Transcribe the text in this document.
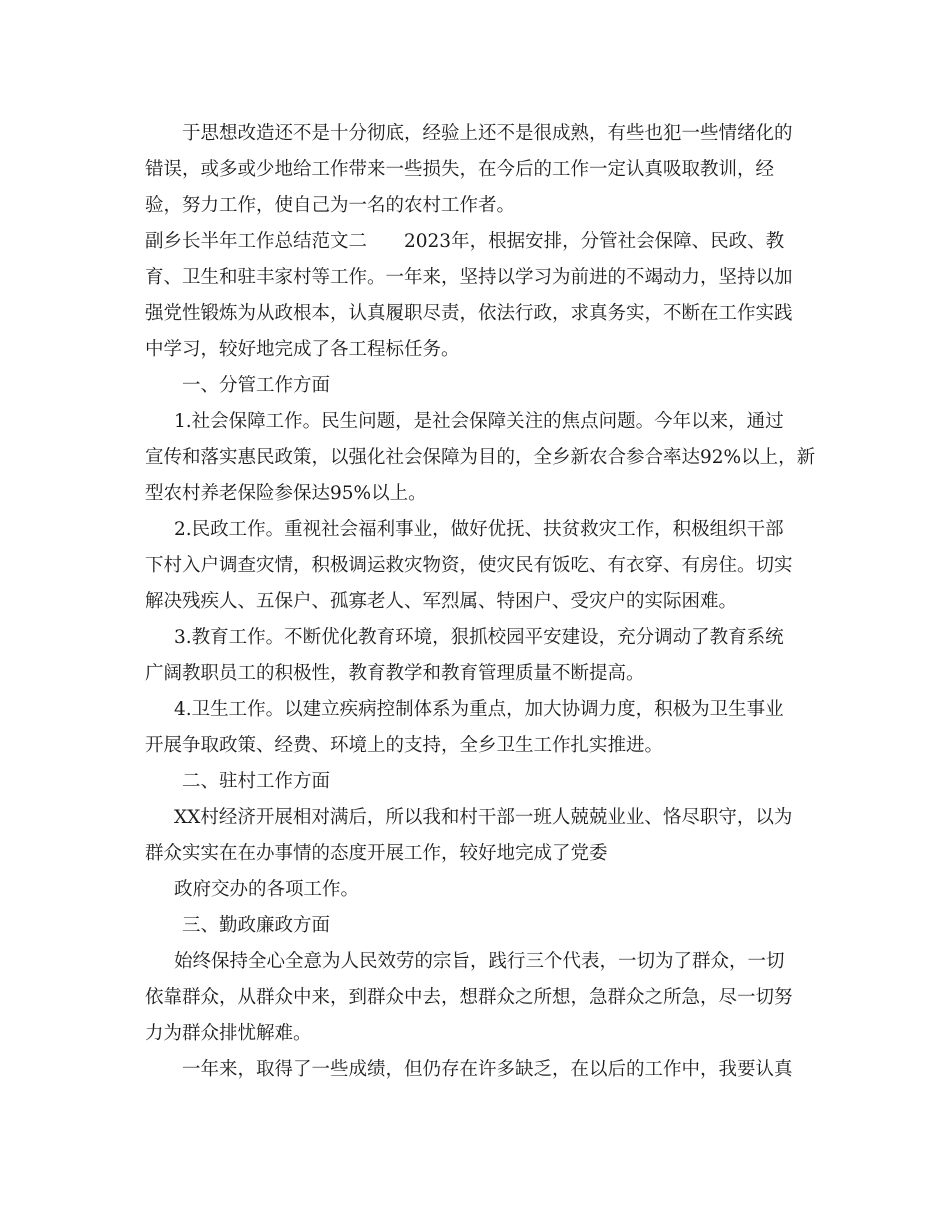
于思想改造还不是十分彻底，经验上还不是很成熟，有些也犯一些情绪化的
错误，或多或少地给工作带来一些损失，在今后的工作一定认真吸取教训，经
验，努力工作，使自己为一名的农村工作者。
副乡长半年工作总结范文二　　2023年，根据安排，分管社会保障、民政、教
育、卫生和驻丰家村等工作。一年来，坚持以学习为前进的不竭动力，坚持以加
强党性锻炼为从政根本，认真履职尽责，依法行政，求真务实，不断在工作实践
中学习，较好地完成了各工程标任务。
一、分管工作方面
1.社会保障工作。民生问题，是社会保障关注的焦点问题。今年以来，通过
宣传和落实惠民政策，以强化社会保障为目的，全乡新农合参合率达92%以上，新
型农村养老保险参保达95%以上。
2.民政工作。重视社会福利事业，做好优抚、扶贫救灾工作，积极组织干部
下村入户调查灾情，积极调运救灾物资，使灾民有饭吃、有衣穿、有房住。切实
解决残疾人、五保户、孤寡老人、军烈属、特困户、受灾户的实际困难。
3.教育工作。不断优化教育环境，狠抓校园平安建设，充分调动了教育系统
广阔教职员工的积极性，教育教学和教育管理质量不断提高。
4.卫生工作。以建立疾病控制体系为重点，加大协调力度，积极为卫生事业
开展争取政策、经费、环境上的支持，全乡卫生工作扎实推进。
二、驻村工作方面
XX村经济开展相对满后，所以我和村干部一班人兢兢业业、恪尽职守，以为
群众实实在在办事情的态度开展工作，较好地完成了党委
政府交办的各项工作。
三、勤政廉政方面
始终保持全心全意为人民效劳的宗旨，践行三个代表，一切为了群众，一切
依靠群众，从群众中来，到群众中去，想群众之所想，急群众之所急，尽一切努
力为群众排忧解难。
一年来，取得了一些成绩，但仍存在许多缺乏，在以后的工作中，我要认真
